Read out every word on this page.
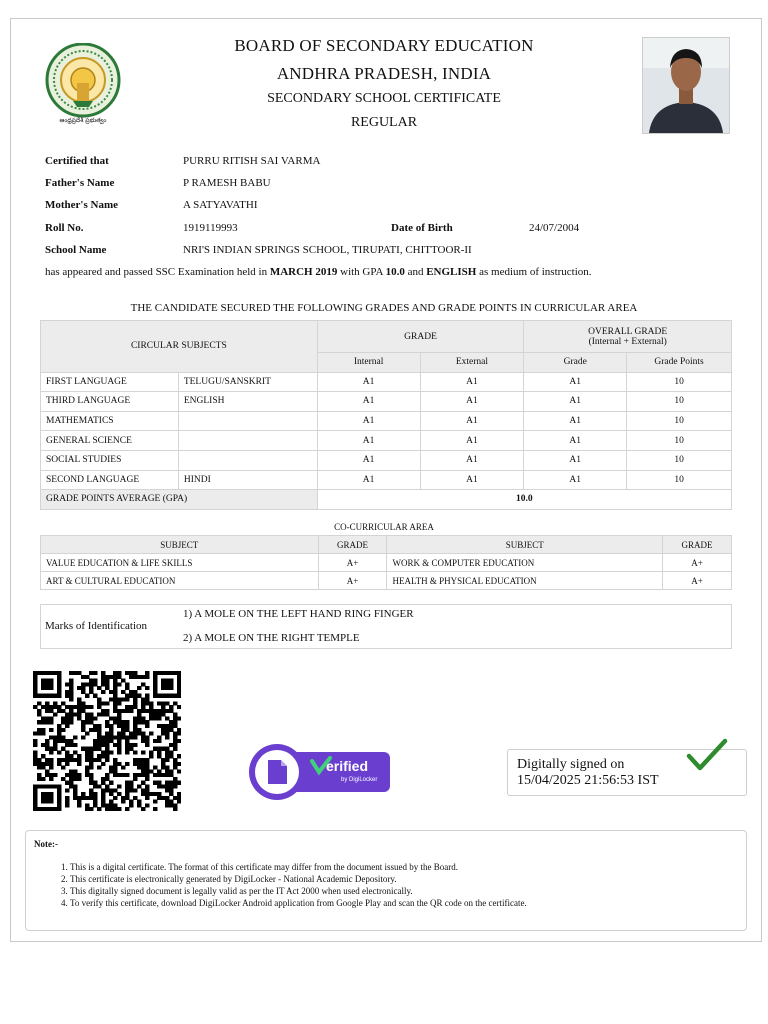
ఆంధ్రప్రదేశ్ ప్రభుత్వం
BOARD OF SECONDARY EDUCATION
ANDHRA PRADESH, INDIA
SECONDARY SCHOOL CERTIFICATE
REGULAR
Certified that	PURRU RITISH SAI VARMA
Father's Name	P RAMESH BABU
Mother's Name	A SATYAVATHI
Roll No.	1919119993	Date of Birth	24/07/2004
School Name	NRI'S INDIAN SPRINGS SCHOOL, TIRUPATI, CHITTOOR-II
has appeared and passed SSC Examination held in MARCH 2019 with GPA 10.0 and ENGLISH as medium of instruction.
THE CANDIDATE SECURED THE FOLLOWING GRADES AND GRADE POINTS IN CURRICULAR AREA
CIRCULAR SUBJECTS		GRADE		OVERALL GRADE
(Internal + External)	
		Internal	External	Grade	Grade Points
FIRST LANGUAGE	TELUGU/SANSKRIT	A1	A1	A1	10
THIRD LANGUAGE	ENGLISH	A1	A1	A1	10
MATHEMATICS		A1	A1	A1	10
GENERAL SCIENCE		A1	A1	A1	10
SOCIAL STUDIES		A1	A1	A1	10
SECOND LANGUAGE	HINDI	A1	A1	A1	10
GRADE POINTS AVERAGE (GPA)		10.0			
CO-CURRICULAR AREA
SUBJECT	GRADE	SUBJECT	GRADE
VALUE EDUCATION & LIFE SKILLS	A+	WORK & COMPUTER EDUCATION	A+
ART & CULTURAL EDUCATION	A+	HEALTH & PHYSICAL EDUCATION	A+
Marks of Identification
1) A MOLE ON THE LEFT HAND RING FINGER
2) A MOLE ON THE RIGHT TEMPLE
erified
by DigiLocker
Digitally signed on
15/04/2025 21:56:53 IST
Note:-
1. This is a digital certificate. The format of this certificate may differ from the document issued by the Board.
2. This certificate is electronically generated by DigiLocker - National Academic Depository.
3. This digitally signed document is legally valid as per the IT Act 2000 when used electronically.
4. To verify this certificate, download DigiLocker Android application from Google Play and scan the QR code on the certificate.
